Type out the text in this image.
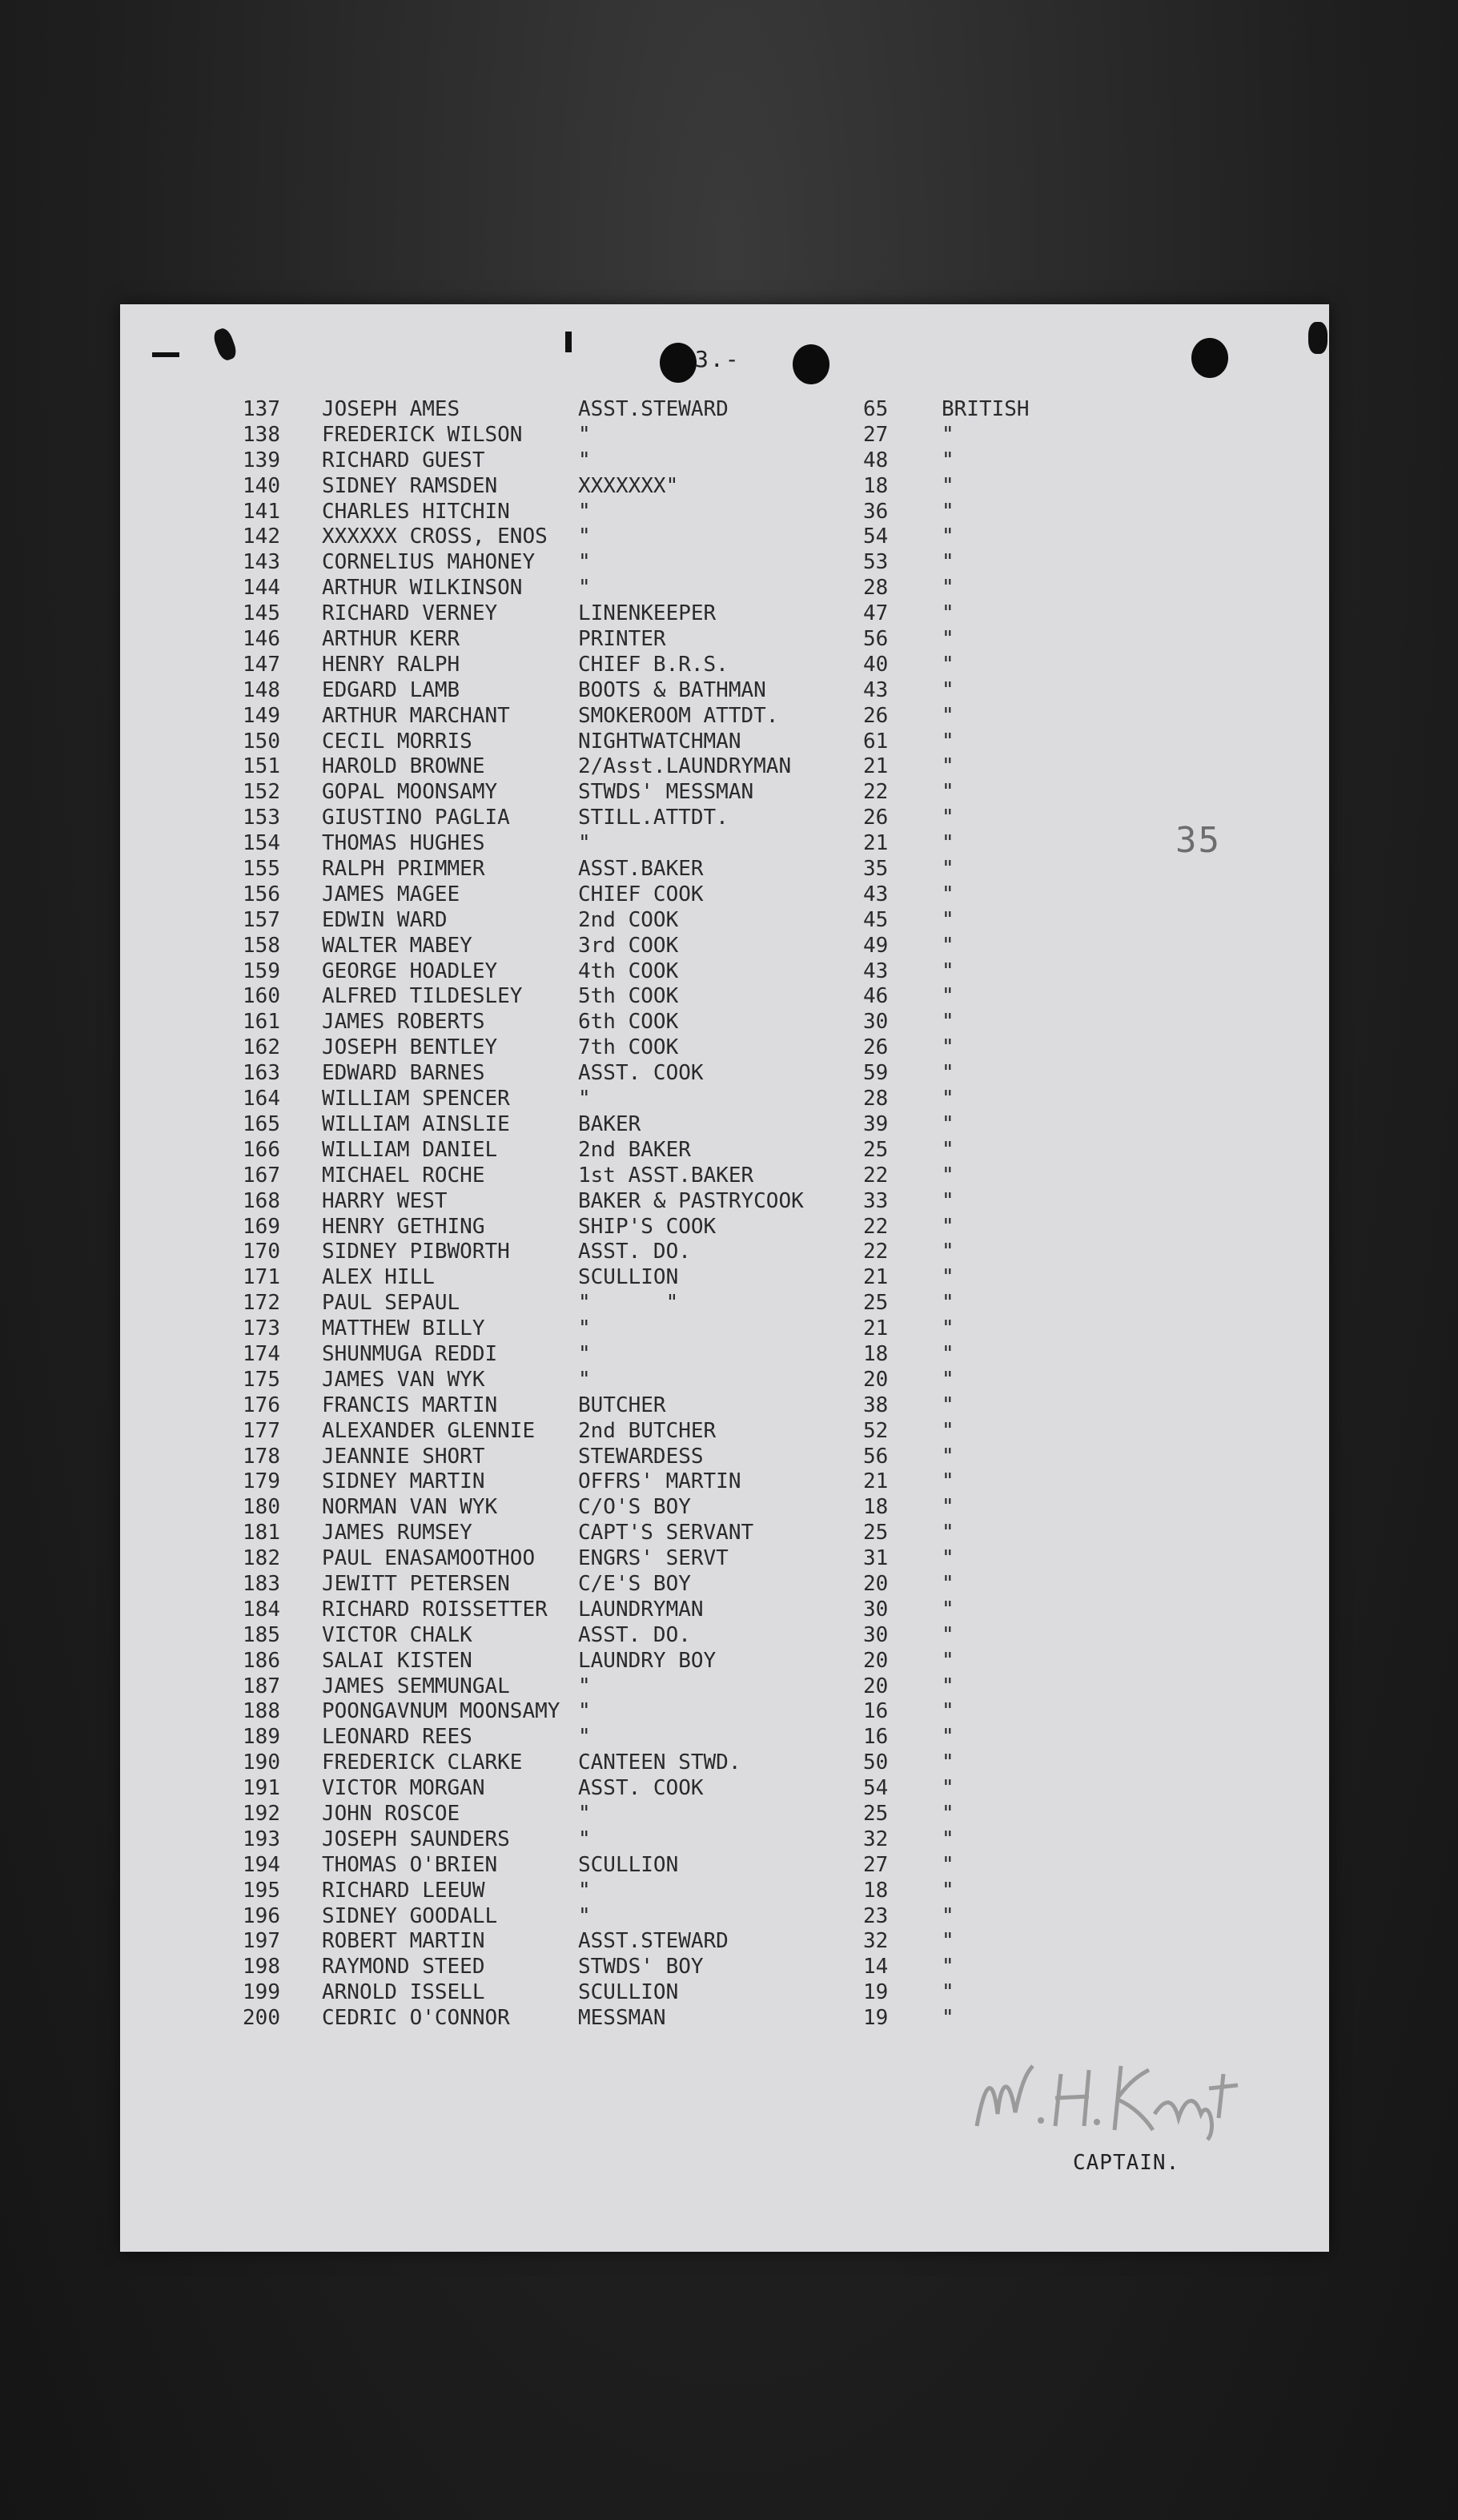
3.-
137 JOSEPH AMES	ASST.STEWARD	65	BRITISH
138 FREDERICK WILSON	"	27	"
139 RICHARD GUEST	"	48	"
140 SIDNEY RAMSDEN	XXXXXXX"	18	"
141 CHARLES HITCHIN	"	36	"
142 XXXXXX CROSS, ENOS "	54	"
143 CORNELIUS MAHONEY "	53	"
144 ARTHUR WILKINSON	"	28	"
145 RICHARD VERNEY	LINENKEEPER	47	"
146 ARTHUR KERR	PRINTER	56	"
147 HENRY RALPH	CHIEF B.R.S.	40	"
148 EDGARD LAMB	BOOTS & BATHMAN	43	"
149 ARTHUR MARCHANT	SMOKEROOM ATTDT.	26	"
150 CECIL MORRIS	NIGHTWATCHMAN	61	"
151 HAROLD BROWNE	2/Asst.LAUNDRYMAN	21	"
152 GOPAL MOONSAMY	STWDS' MESSMAN	22	"
153 GIUSTINO PAGLIA	STILL.ATTDT.	26	"
154 THOMAS HUGHES	"	21	"
155 RALPH PRIMMER	ASST.BAKER	35	"
156 JAMES MAGEE	CHIEF COOK	43	"
157 EDWIN WARD	2nd COOK	45	"
158 WALTER MABEY	3rd COOK	49	"
159 GEORGE HOADLEY	4th COOK	43	"
160 ALFRED TILDESLEY	5th COOK	46	"
161 JAMES ROBERTS	6th COOK	30	"
162 JOSEPH BENTLEY	7th COOK	26	"
163 EDWARD BARNES	ASST. COOK	59	"
164 WILLIAM SPENCER	"	28	"
165 WILLIAM AINSLIE	BAKER	39	"
166 WILLIAM DANIEL	2nd BAKER	25	"
167 MICHAEL ROCHE	1st ASST.BAKER	22	"
168 HARRY WEST	BAKER & PASTRYCOOK	33	"
169 HENRY GETHING	SHIP'S COOK	22	"
170 SIDNEY PIBWORTH	ASST. DO.	22	"
171 ALEX HILL	SCULLION	21	"
172 PAUL SEPAUL	"      "	25	"
173 MATTHEW BILLY	"	21	"
174 SHUNMUGA REDDI	"	18	"
175 JAMES VAN WYK	"	20	"
176 FRANCIS MARTIN	BUTCHER	38	"
177 ALEXANDER GLENNIE 2nd BUTCHER	52	"
178 JEANNIE SHORT	STEWARDESS	56	"
179 SIDNEY MARTIN	OFFRS' MARTIN	21	"
180 NORMAN VAN WYK	C/O'S BOY	18	"
181 JAMES RUMSEY	CAPT'S SERVANT	25	"
182 PAUL ENASAMOOTHOO ENGRS' SERVT	31	"
183 JEWITT PETERSEN	C/E'S BOY	20	"
184 RICHARD ROISSETTER LAUNDRYMAN	30	"
185 VICTOR CHALK	ASST. DO.	30	"
186 SALAI KISTEN	LAUNDRY BOY	20	"
187 JAMES SEMMUNGAL	"	20	"
188 POONGAVNUM MOONSAMY "	16	"
189 LEONARD REES	"	16	"
190 FREDERICK CLARKE	CANTEEN STWD.	50	"
191 VICTOR MORGAN	ASST. COOK	54	"
192 JOHN ROSCOE	"	25	"
193 JOSEPH SAUNDERS	"	32	"
194 THOMAS O'BRIEN	SCULLION	27	"
195 RICHARD LEEUW	"	18	"
196 SIDNEY GOODALL	"	23	"
197 ROBERT MARTIN	ASST.STEWARD	32	"
198 RAYMOND STEED	STWDS' BOY	14	"
199 ARNOLD ISSELL	SCULLION	19	"
200 CEDRIC O'CONNOR	MESSMAN	19	"
35
CAPTAIN.
